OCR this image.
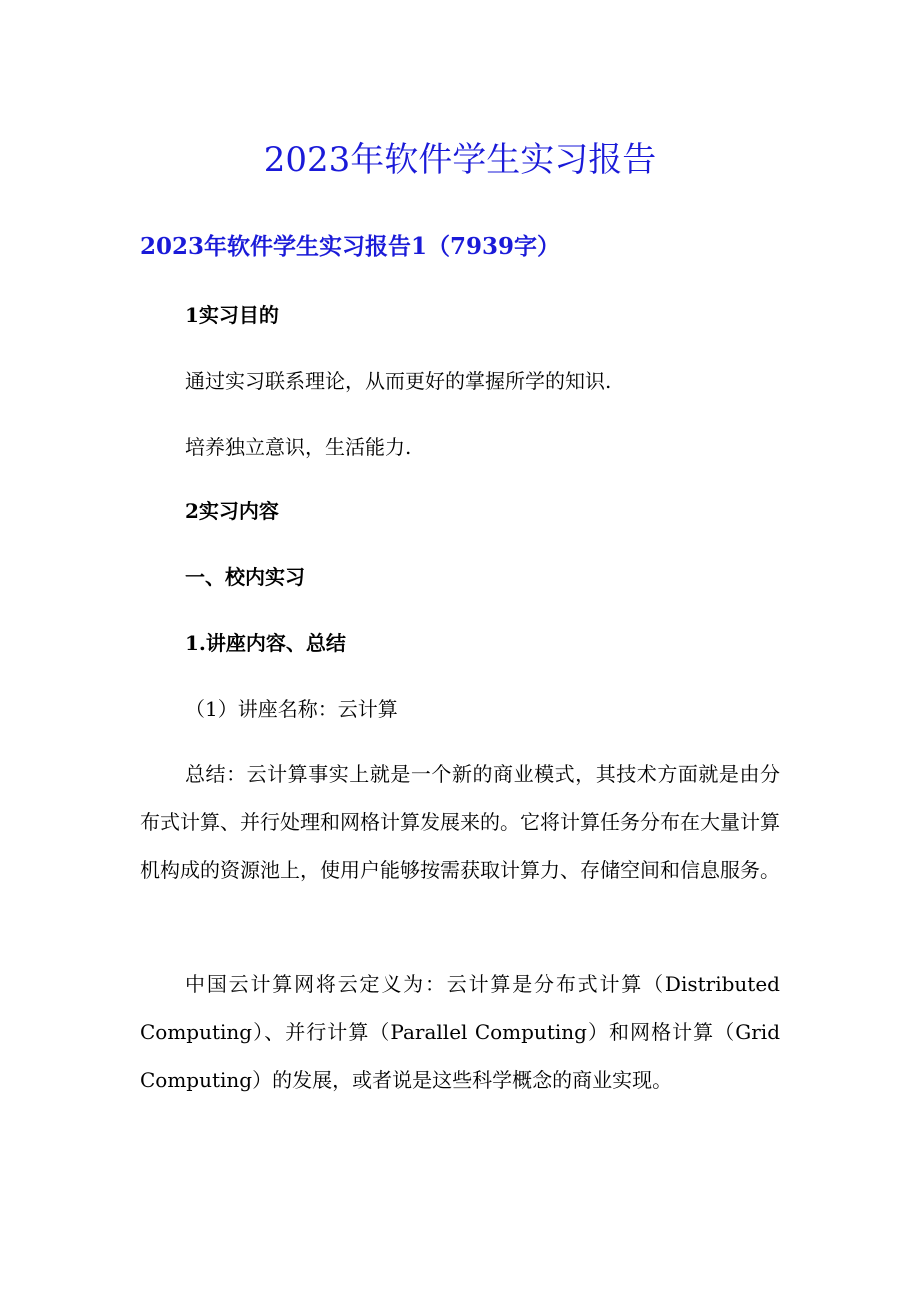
2023年软件学生实习报告
2023年软件学生实习报告1（7939字）

1实习目的

通过实习联系理论，从而更好的掌握所学的知识.

培养独立意识，生活能力.

2实习内容

一、校内实习

1.讲座内容、总结

（1）讲座名称：云计算

总结：云计算事实上就是一个新的商业模式，其技术方面就是由分布式计算、并行处理和网格计算发展来的。它将计算任务分布在大量计算机构成的资源池上，使用户能够按需获取计算力、存储空间和信息服务。

中国云计算网将云定义为：云计算是分布式计算（Distributed Computing）、并行计算（Parallel Computing）和网格计算（Grid Computing）的发展，或者说是这些科学概念的商业实现。
